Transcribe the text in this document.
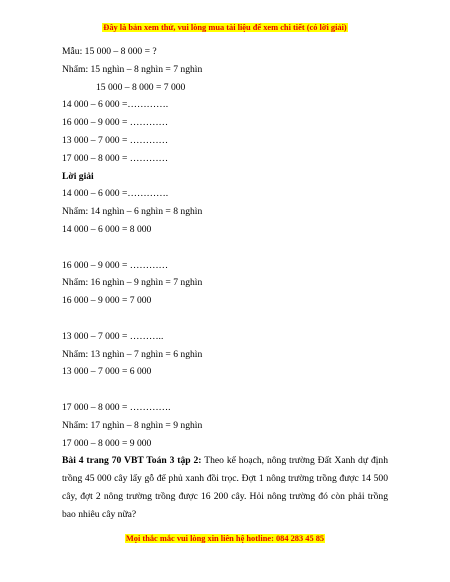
Đây là bản xem thử, vui lòng mua tài liệu để xem chi tiết (có lời giải)
Mẫu: 15 000 – 8 000 = ?
Nhẩm: 15 nghìn – 8 nghìn = 7 nghìn
15 000 – 8 000 = 7 000
14 000 – 6 000 =………….
16 000 – 9 000 = …………
13 000 – 7 000 = …………
17 000 – 8 000 = …………
Lời giải
14 000 – 6 000 =………….
Nhẩm: 14 nghìn – 6 nghìn = 8 nghìn
14 000 – 6 000 = 8 000
16 000 – 9 000 = …………
Nhẩm: 16 nghìn – 9 nghìn = 7 nghìn
16 000 – 9 000 = 7 000
13 000 – 7 000 = ………..
Nhẩm: 13 nghìn – 7 nghìn = 6 nghìn
13 000 – 7 000 = 6 000
17 000 – 8 000 = ………….
Nhẩm: 17 nghìn – 8 nghìn = 9 nghìn
17 000 – 8 000 = 9 000
Bài 4 trang 70 VBT Toán 3 tập 2: Theo kế hoạch, nông trường Đất Xanh dự định trồng 45 000 cây lấy gỗ để phủ xanh đồi trọc. Đợt 1 nông trường trồng được 14 500 cây, đợt 2 nông trường trồng được 16 200 cây. Hỏi nông trường đó còn phải trồng bao nhiêu cây nữa?
Mọi thắc mắc vui lòng xin liên hệ hotline: 084 283 45 85
